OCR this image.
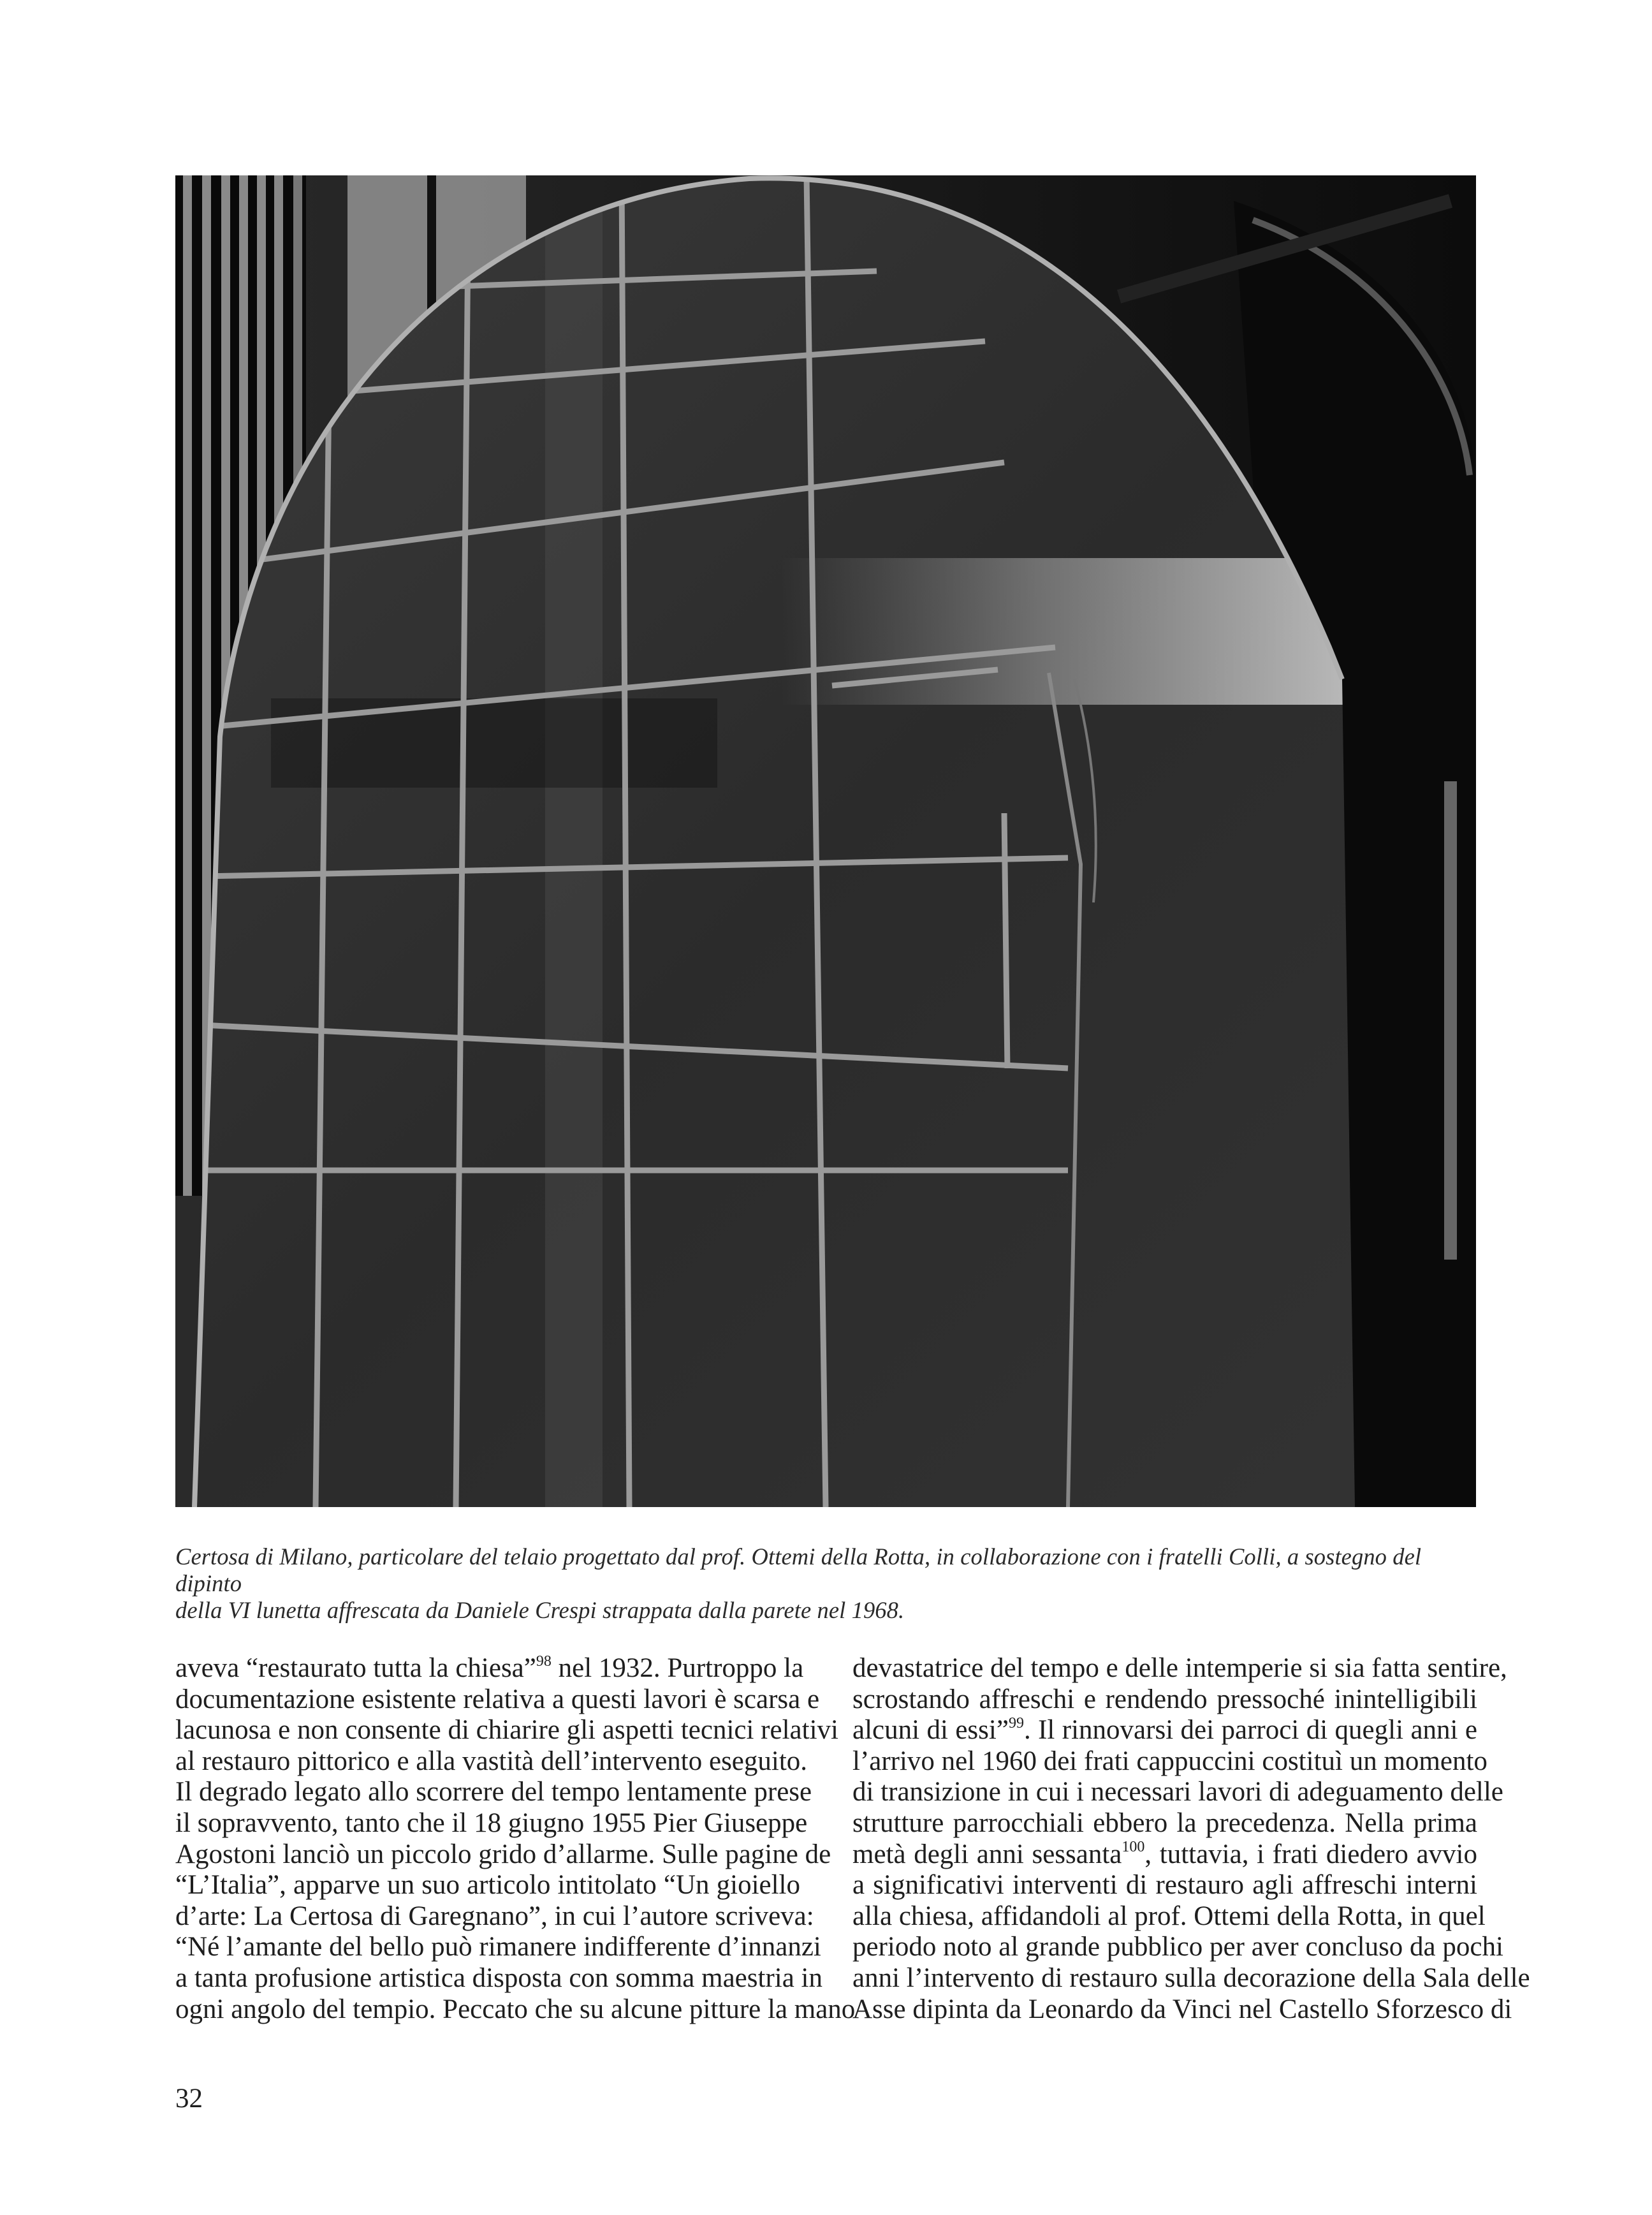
Certosa di Milano, particolare del telaio progettato dal prof. Ottemi della Rotta, in collaborazione con i fratelli Colli, a sostegno del dipinto
della VI lunetta affrescata da Daniele Crespi strappata dalla parete nel 1968.
aveva “restaurato tutta la chiesa”$^{98}$ nel 1932. Purtroppo la
documentazione esistente relativa a questi lavori è scarsa e
lacunosa e non consente di chiarire gli aspetti tecnici relativi
al restauro pittorico e alla vastità dell’intervento eseguito.
Il degrado legato allo scorrere del tempo lentamente prese
il sopravvento, tanto che il 18 giugno 1955 Pier Giuseppe
Agostoni lanciò un piccolo grido d’allarme. Sulle pagine de
“L’Italia”, apparve un suo articolo intitolato “Un gioiello
d’arte: La Certosa di Garegnano”, in cui l’autore scriveva:
“Né l’amante del bello può rimanere indifferente d’innanzi
a tanta profusione artistica disposta con somma maestria in
ogni angolo del tempio. Peccato che su alcune pitture la mano
devastatrice del tempo e delle intemperie si sia fatta sentire,
scrostando affreschi e rendendo pressoché inintelligibili
alcuni di essi”$^{99}$. Il rinnovarsi dei parroci di quegli anni e
l’arrivo nel 1960 dei frati cappuccini costituì un momento
di transizione in cui i necessari lavori di adeguamento delle
strutture parrocchiali ebbero la precedenza. Nella prima
metà degli anni sessanta$^{100}$, tuttavia, i frati diedero avvio
a significativi interventi di restauro agli affreschi interni
alla chiesa, affidandoli al prof. Ottemi della Rotta, in quel
periodo noto al grande pubblico per aver concluso da pochi
anni l’intervento di restauro sulla decorazione della Sala delle
Asse dipinta da Leonardo da Vinci nel Castello Sforzesco di
32
